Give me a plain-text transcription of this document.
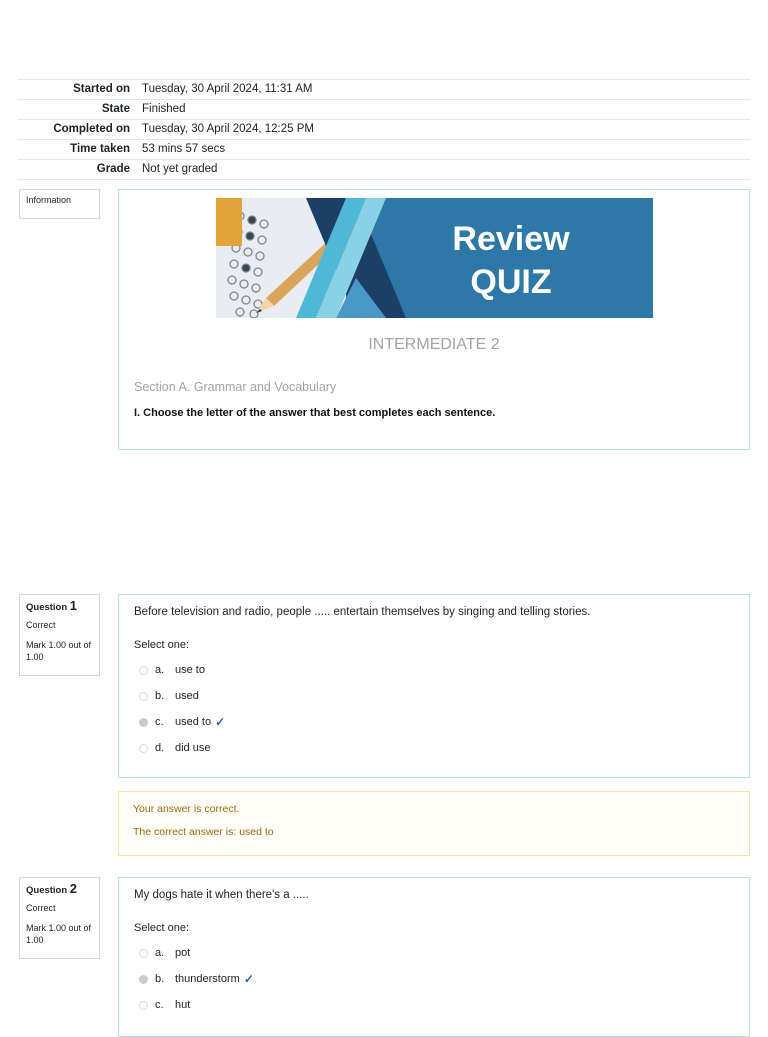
Started on	Tuesday, 30 April 2024, 11:31 AM
State	Finished
Completed on	Tuesday, 30 April 2024, 12:25 PM
Time taken	53 mins 57 secs
Grade	Not yet graded
Information
Review
QUIZ
INTERMEDIATE 2
Section A. Grammar and Vocabulary
I. Choose the letter of the answer that best completes each sentence.
Question 1
Correct
Mark 1.00 out of 1.00
Before television and radio, people ..... entertain themselves by singing and telling stories.
Select one:
a. use to
b. used
c.	used to ✓
d. did use
Your answer is correct.
The correct answer is: used to
Question 2
Correct
Mark 1.00 out of 1.00
My dogs hate it when there's a .....
Select one:
a. pot
b. thunderstorm ✓
c.	hut
